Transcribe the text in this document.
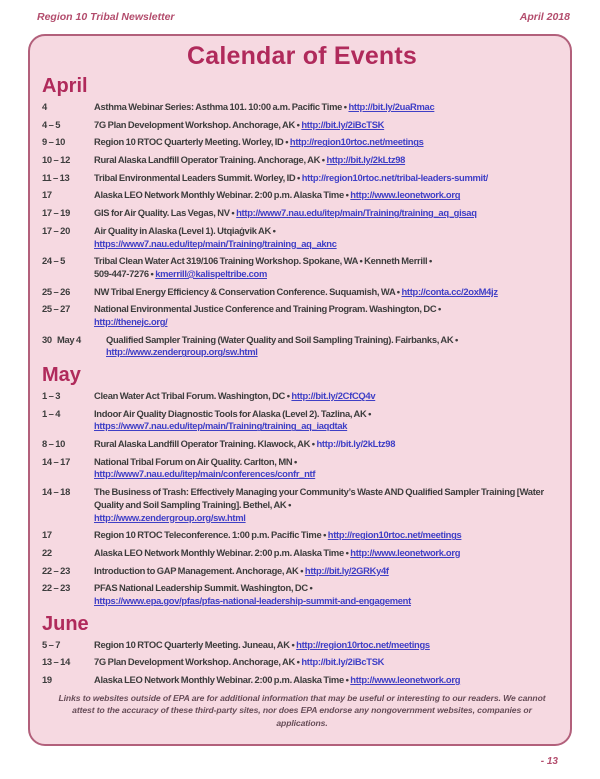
Region 10 Tribal Newsletter	April 2018
Calendar of Events
April
4	Asthma Webinar Series: Asthma 101. 10:00 a.m. Pacific Time • http://bit.ly/2uaRmac
4 – 5	7G Plan Development Workshop. Anchorage, AK • http://bit.ly/2iBcTSK
9 – 10	Region 10 RTOC Quarterly Meeting. Worley, ID • http://region10rtoc.net/meetings
10 – 12	Rural Alaska Landfill Operator Training. Anchorage, AK • http://bit.ly/2kLtz98
11 – 13	Tribal Environmental Leaders Summit. Worley, ID • http://region10rtoc.net/tribal-leaders-summit/
17	Alaska LEO Network Monthly Webinar. 2:00 p.m. Alaska Time • http://www.leonetwork.org
17 – 19	GIS for Air Quality. Las Vegas, NV • http://www7.nau.edu/itep/main/Training/training_aq_gisaq
17 – 20	Air Quality in Alaska (Level 1). Utqiaġvik AK •
https://www7.nau.edu/itep/main/Training/training_aq_aknc
24 – 5	Tribal Clean Water Act 319/106 Training Workshop. Spokane, WA • Kenneth Merrill •
509-447-7276 • kmerrill@kalispeltribe.com
25 – 26	NW Tribal Energy Efficiency & Conservation Conference. Suquamish, WA • http://conta.cc/2oxM4jz
25 – 27	National Environmental Justice Conference and Training Program. Washington, DC •
http://thenejc.org/
30   May 4	Qualified Sampler Training (Water Quality and Soil Sampling Training). Fairbanks, AK •
http://www.zendergroup.org/sw.html
May
1 – 3	Clean Water Act Tribal Forum. Washington, DC • http://bit.ly/2CfCQ4v
1 – 4	Indoor Air Quality Diagnostic Tools for Alaska (Level 2). Tazlina, AK •
https://www7.nau.edu/itep/main/Training/training_aq_iaqdtak
8 – 10	Rural Alaska Landfill Operator Training. Klawock, AK • http://bit.ly/2kLtz98
14 – 17	National Tribal Forum on Air Quality. Carlton, MN •
http://www7.nau.edu/itep/main/conferences/confr_ntf
14 – 18	The Business of Trash: Effectively Managing your Community’s Waste AND Qualified Sampler Training [Water Quality and Soil Sampling Training]. Bethel, AK •
http://www.zendergroup.org/sw.html
17	Region 10 RTOC Teleconference. 1:00 p.m. Pacific Time • http://region10rtoc.net/meetings
22	Alaska LEO Network Monthly Webinar. 2:00 p.m. Alaska Time • http://www.leonetwork.org
22 – 23	Introduction to GAP Management. Anchorage, AK • http://bit.ly/2GRKy4f
22 – 23	PFAS National Leadership Summit. Washington, DC •
https://www.epa.gov/pfas/pfas-national-leadership-summit-and-engagement
June
5 – 7	Region 10 RTOC Quarterly Meeting. Juneau, AK • http://region10rtoc.net/meetings
13 – 14	7G Plan Development Workshop. Anchorage, AK • http://bit.ly/2iBcTSK
19	Alaska LEO Network Monthly Webinar. 2:00 p.m. Alaska Time • http://www.leonetwork.org

Links to websites outside of EPA are for additional information that may be useful or interesting to our readers. We cannot attest to the accuracy of these third-party sites, nor does EPA endorse any nongovernment websites, companies or applications.

- 13
